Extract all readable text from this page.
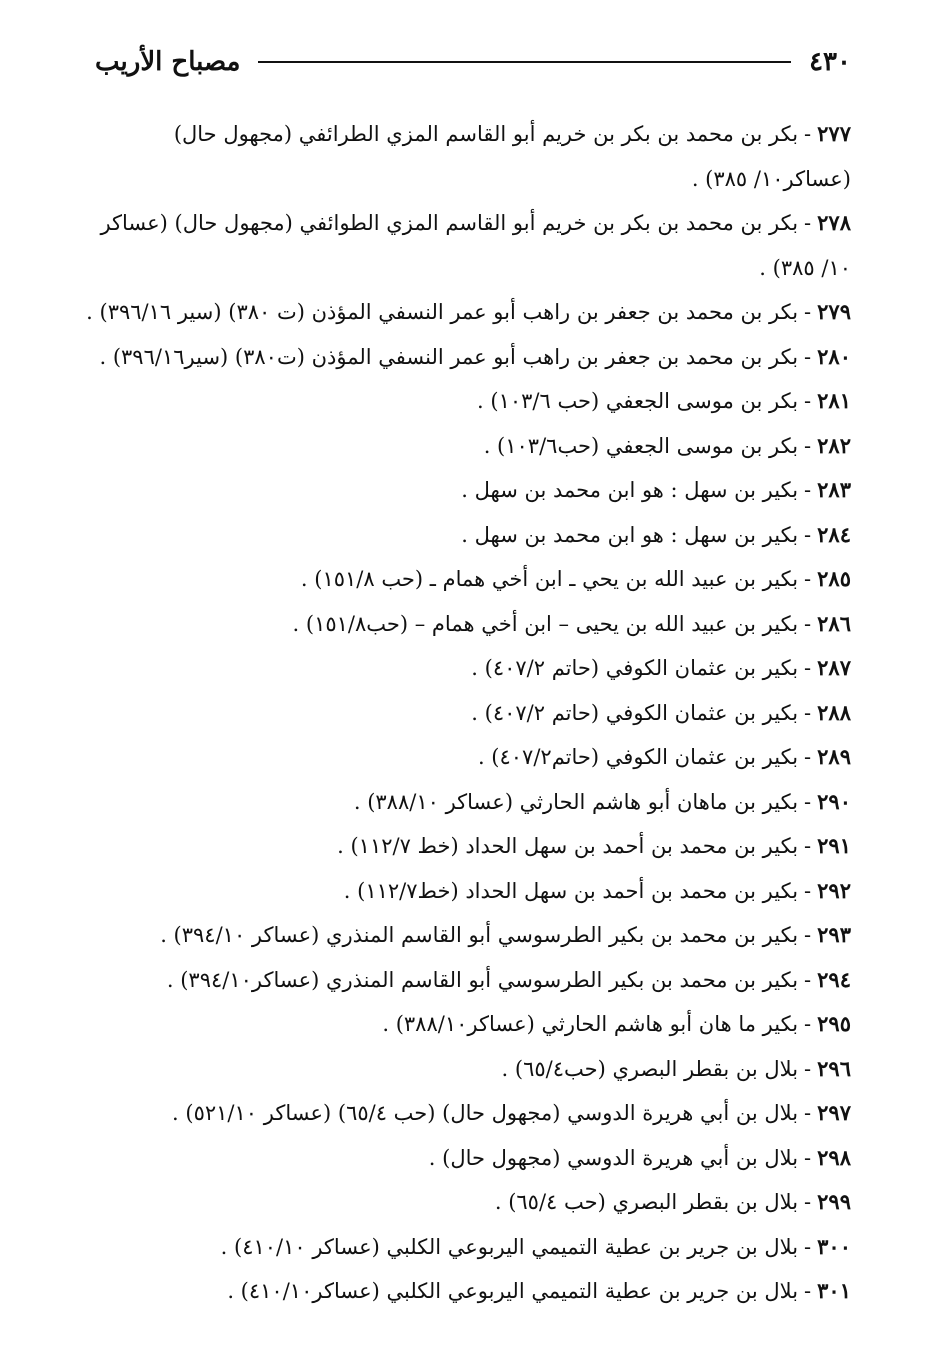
٤٣٠
مصباح الأريب
٢٧٧-بكر بن محمد بن بكر بن خريم أبو القاسم المزي الطرائفي (مجهول حال) (عساكر١٠/ ٣٨٥) .
٢٧٨-بكر بن محمد بن بكر بن خريم أبو القاسم المزي الطوائفي (مجهول حال) (عساكر ١٠/ ٣٨٥) .
٢٧٩-بكر بن محمد بن جعفر بن راهب أبو عمر النسفي المؤذن (ت ٣٨٠) (سير ٣٩٦/١٦) .
٢٨٠-بكر بن محمد بن جعفر بن راهب أبو عمر النسفي المؤذن (ت٣٨٠) (سير٣٩٦/١٦) .
٢٨١-بكر بن موسى الجعفي (حب ١٠٣/٦) .
٢٨٢-بكر بن موسى الجعفي (حب١٠٣/٦) .
٢٨٣-بكير بن سهل : هو ابن محمد بن سهل .
٢٨٤-بكير بن سهل : هو ابن محمد بن سهل .
٢٨٥-بكير بن عبيد الله بن يحي ـ ابن أخي همام ـ (حب ١٥١/٨) .
٢٨٦-بكير بن عبيد الله بن يحيى – ابن أخي همام – (حب١٥١/٨) .
٢٨٧-بكير بن عثمان الكوفي (حاتم ٤٠٧/٢) .
٢٨٨-بكير بن عثمان الكوفي (حاتم ٤٠٧/٢) .
٢٨٩-بكير بن عثمان الكوفي (حاتم٤٠٧/٢) .
٢٩٠-بكير بن ماهان أبو هاشم الحارثي (عساكر ٣٨٨/١٠) .
٢٩١-بكير بن محمد بن أحمد بن سهل الحداد (خط ١١٢/٧) .
٢٩٢-بكير بن محمد بن أحمد بن سهل الحداد (خط١١٢/٧) .
٢٩٣-بكير بن محمد بن بكير الطرسوسي أبو القاسم المنذري (عساكر ٣٩٤/١٠) .
٢٩٤-بكير بن محمد بن بكير الطرسوسي أبو القاسم المنذري (عساكر٣٩٤/١٠) .
٢٩٥-بكير ما هان أبو هاشم الحارثي (عساكر٣٨٨/١٠) .
٢٩٦-بلال بن بقطر البصري (حب٦٥/٤) .
٢٩٧-بلال بن أبي هريرة الدوسي (مجهول حال) (حب ٦٥/٤) (عساكر ٥٢١/١٠) .
٢٩٨-بلال بن أبي هريرة الدوسي (مجهول حال) .
٢٩٩-بلال بن بقطر البصري (حب ٦٥/٤) .
٣٠٠-بلال بن جرير بن عطية التميمي اليربوعي الكلبي (عساكر ٤١٠/١٠) .
٣٠١-بلال بن جرير بن عطية التميمي اليربوعي الكلبي (عساكر٤١٠/١٠) .
